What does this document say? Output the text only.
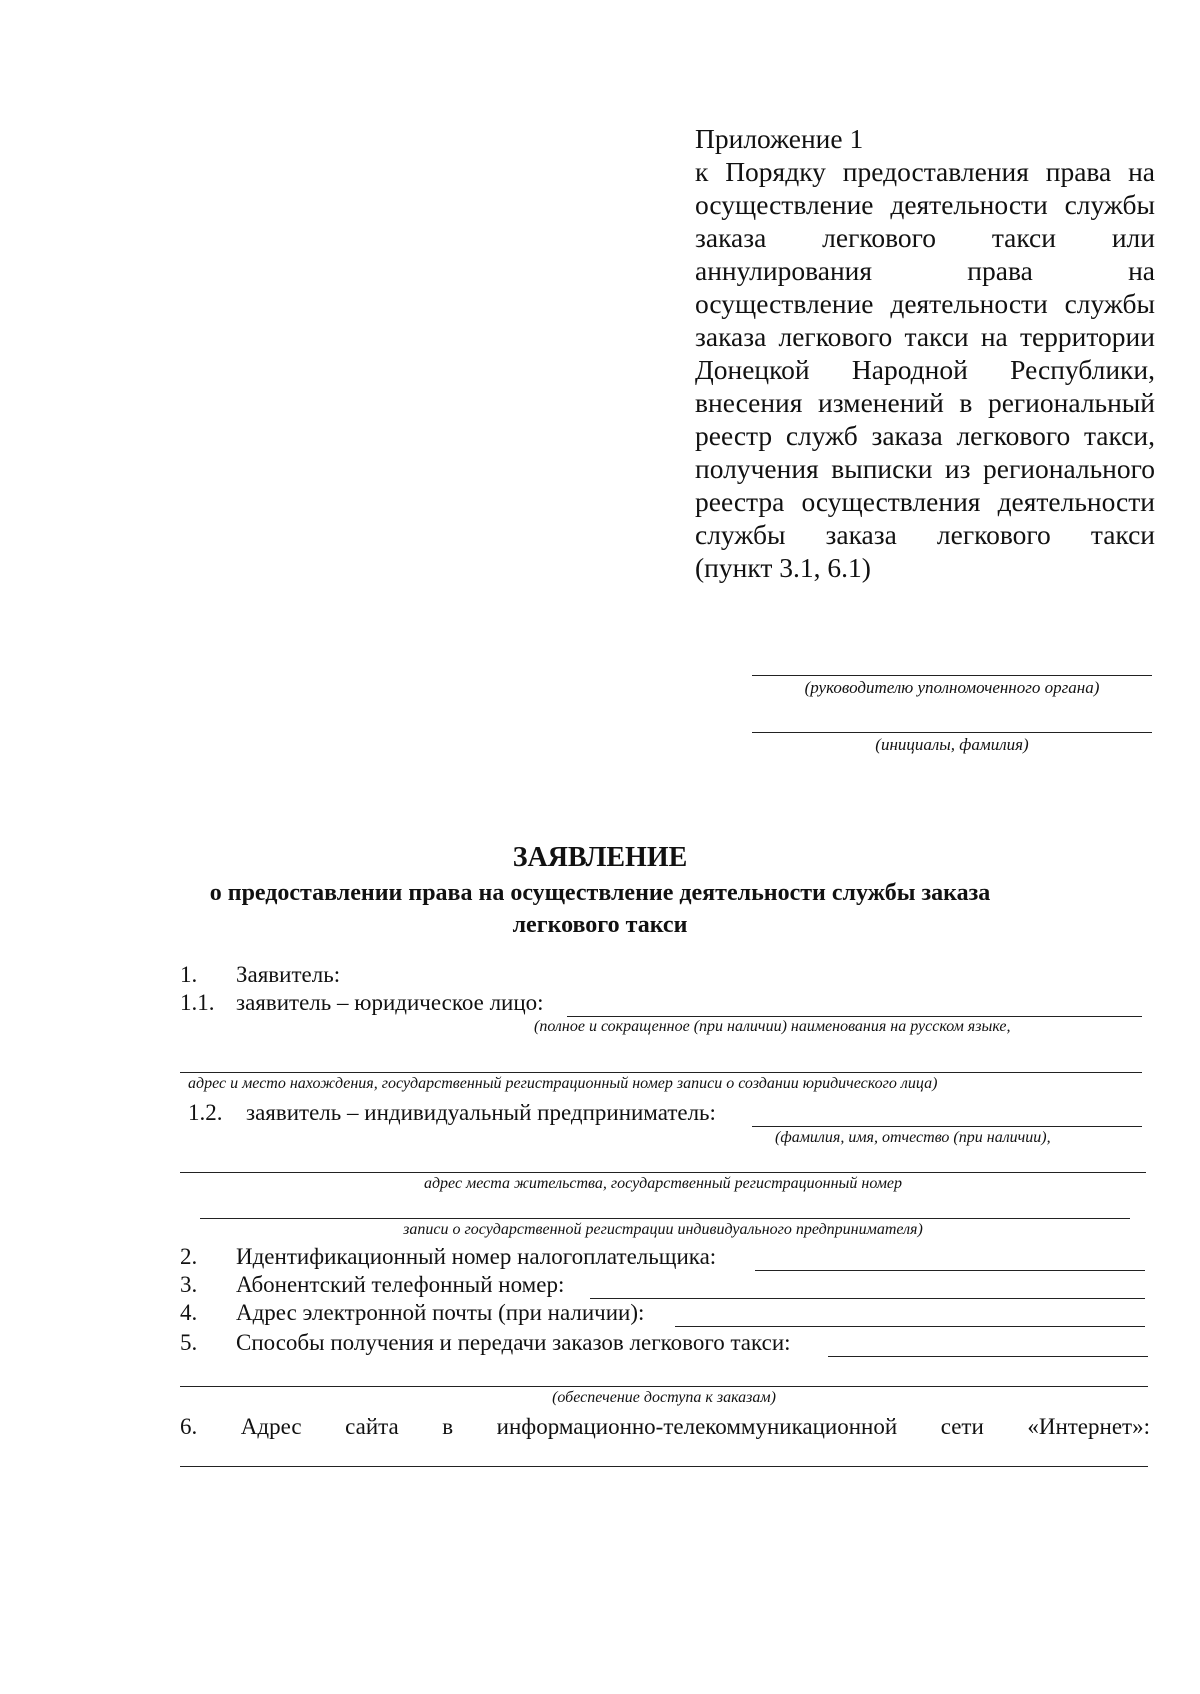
Приложение 1
к Порядку предоставления права на
осуществление деятельности службы
заказа легкового такси или
аннулирования права на
осуществление деятельности службы
заказа легкового такси на территории
Донецкой Народной Республики,
внесения изменений в региональный
реестр служб заказа легкового такси,
получения выписки из регионального
реестра осуществления деятельности
службы заказа легкового такси
(пункт 3.1, 6.1)
(руководителю уполномоченного органа)
(инициалы, фамилия)
ЗАЯВЛЕНИЕ
о предоставлении права на осуществление деятельности службы заказа
легкового такси
1. Заявитель:
1.1. заявитель – юридическое лицо:
(полное и сокращенное (при наличии) наименования на русском языке,
адрес и место нахождения, государственный регистрационный номер записи о создании юридического лица)
1.2. заявитель – индивидуальный предприниматель:
(фамилия, имя, отчество (при наличии),
адрес места жительства, государственный регистрационный номер
записи о государственной регистрации индивидуального предпринимателя)
2. Идентификационный номер налогоплательщика:
3. Абонентский телефонный номер:
4. Адрес электронной почты (при наличии):
5. Способы получения и передачи заказов легкового такси:
(обеспечение доступа к заказам)
6. Адрес сайта в информационно-телекоммуникационной сети «Интернет»:
